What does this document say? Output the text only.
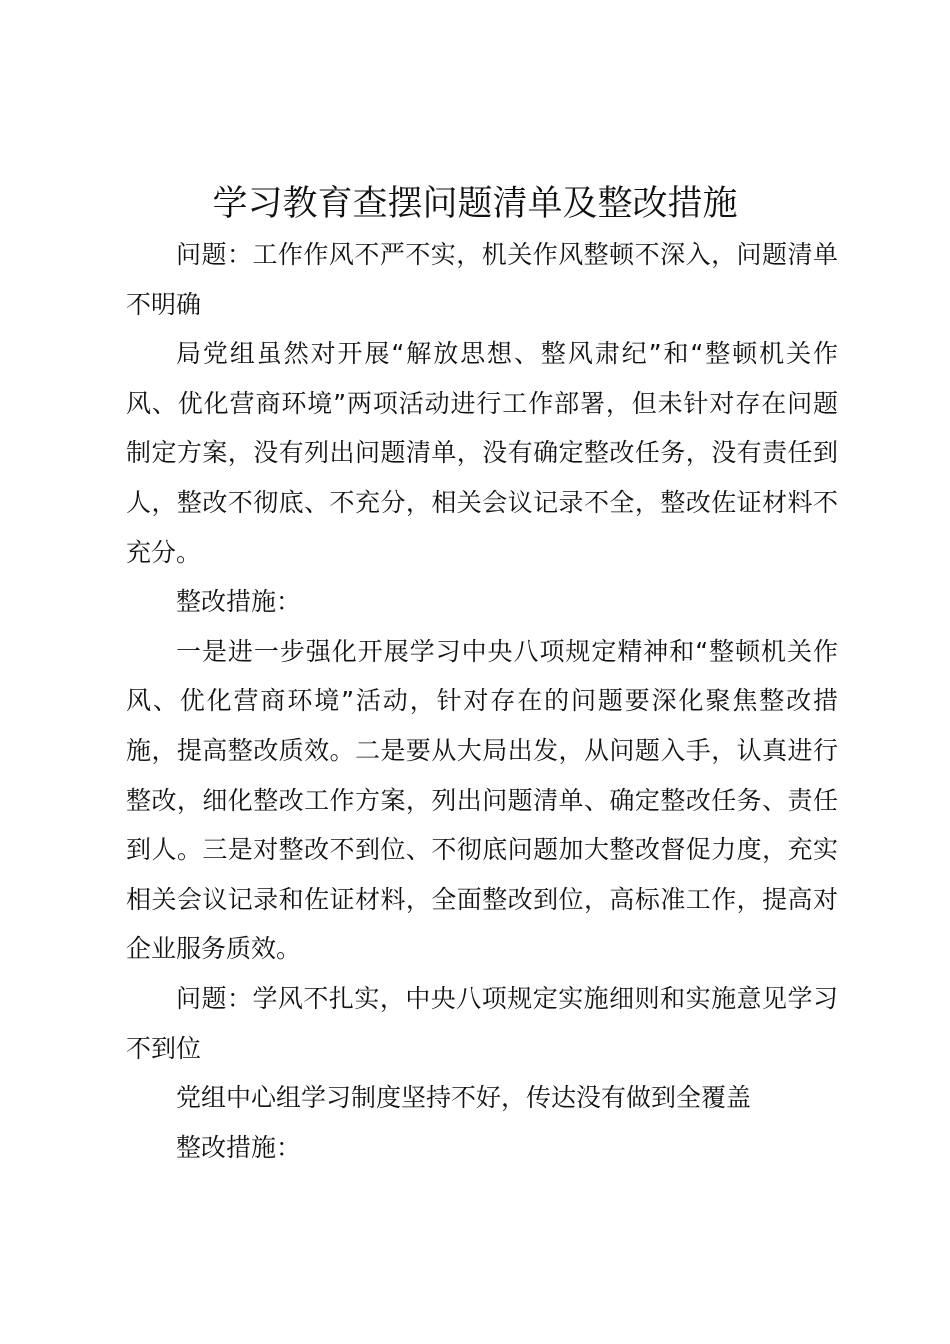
学习教育查摆问题清单及整改措施

问题：工作作风不严不实，机关作风整顿不深入，问题清单不明确

局党组虽然对开展“解放思想、整风肃纪”和“整顿机关作风、优化营商环境”两项活动进行工作部署，但未针对存在问题制定方案，没有列出问题清单，没有确定整改任务，没有责任到人，整改不彻底、不充分，相关会议记录不全，整改佐证材料不充分。

整改措施：

一是进一步强化开展学习中央八项规定精神和“整顿机关作风、优化营商环境”活动，针对存在的问题要深化聚焦整改措施，提高整改质效。二是要从大局出发，从问题入手，认真进行整改，细化整改工作方案，列出问题清单、确定整改任务、责任到人。三是对整改不到位、不彻底问题加大整改督促力度，充实相关会议记录和佐证材料，全面整改到位，高标准工作，提高对企业服务质效。

问题：学风不扎实，中央八项规定实施细则和实施意见学习不到位

党组中心组学习制度坚持不好，传达没有做到全覆盖

整改措施：
